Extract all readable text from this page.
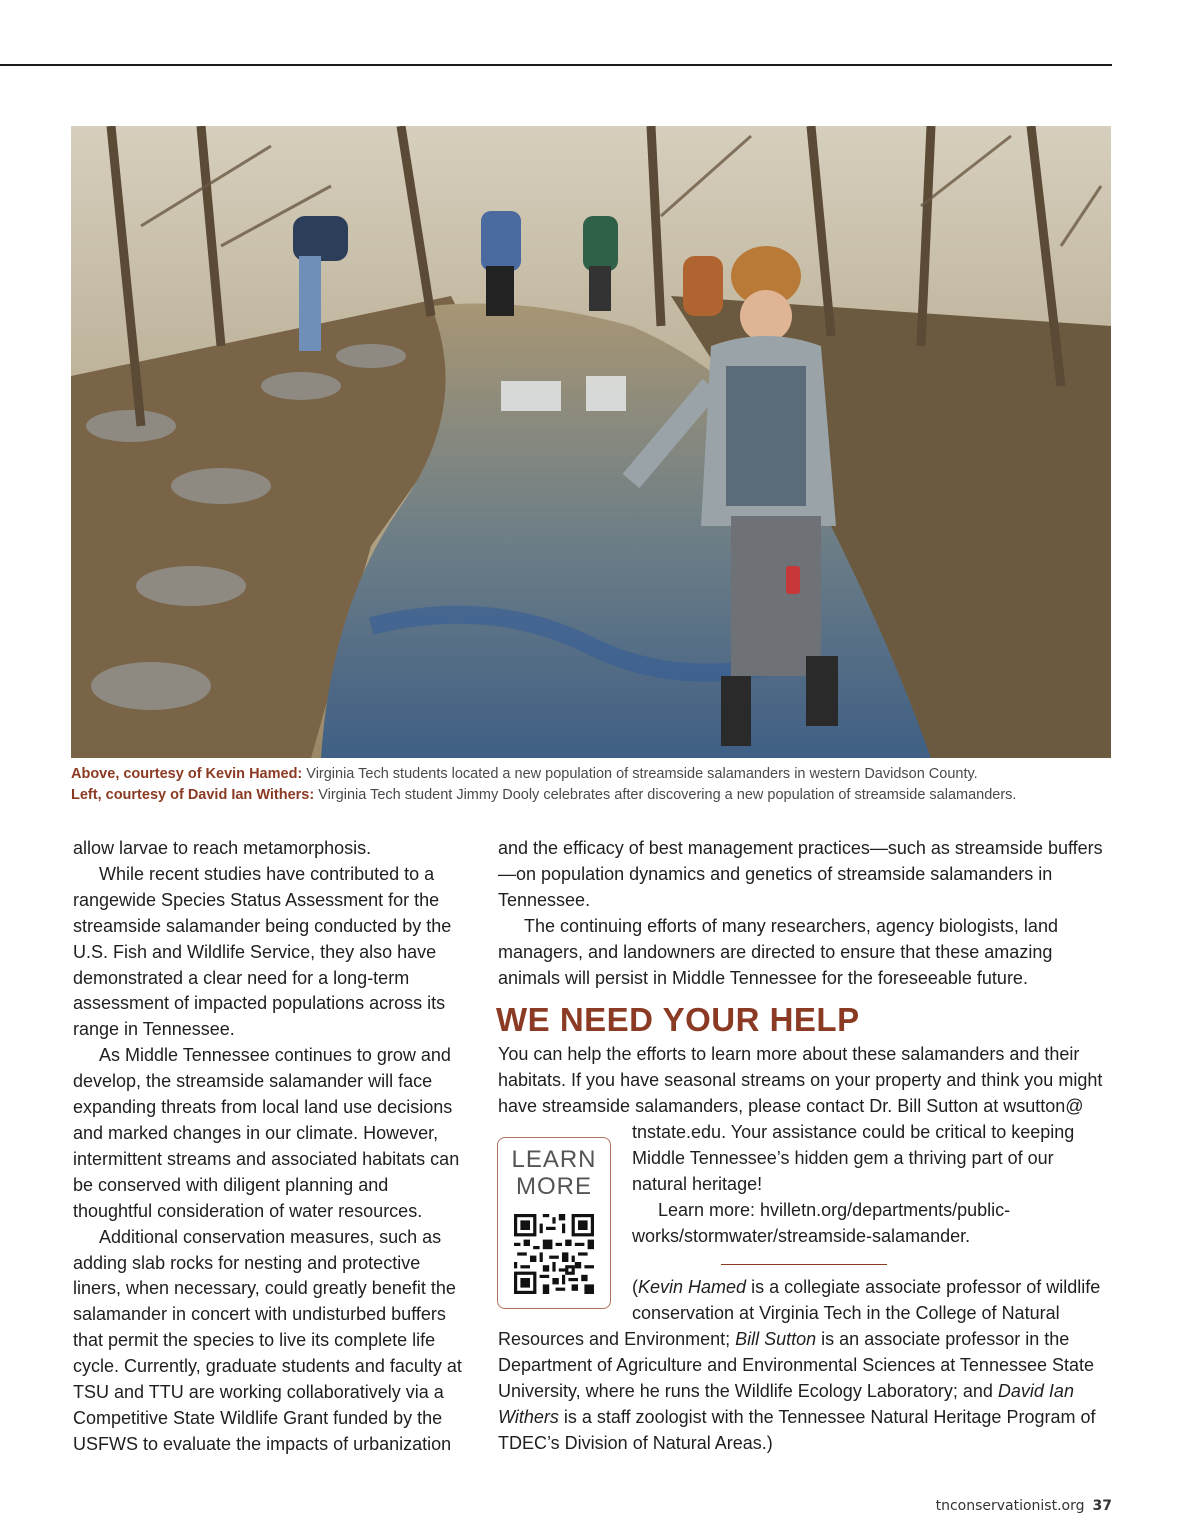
Above, courtesy of Kevin Hamed: Virginia Tech students located a new population of streamside salamanders in western Davidson County.
Left, courtesy of David Ian Withers: Virginia Tech student Jimmy Dooly celebrates after discovering a new population of streamside salamanders.

allow larvae to reach metamorphosis.

While recent studies have contributed to a rangewide Species Status Assessment for the streamside salamander being conducted by the U.S. Fish and Wildlife Service, they also have demonstrated a clear need for a long-term assessment of impacted populations across its range in Tennessee.

As Middle Tennessee continues to grow and develop, the streamside salamander will face expanding threats from local land use decisions and marked changes in our climate. However, intermittent streams and associated habitats can be conserved with diligent planning and thoughtful consideration of water resources.

Additional conservation measures, such as adding slab rocks for nesting and protective liners, when necessary, could greatly benefit the salamander in concert with undisturbed buffers that permit the species to live its complete life cycle. Currently, graduate students and faculty at TSU and TTU are working collaboratively via a Competitive State Wildlife Grant funded by the USFWS to evaluate the impacts of urbanization

and the efficacy of best management practices—such as streamside buffers—on population dynamics and genetics of streamside salamanders in Tennessee.

The continuing efforts of many researchers, agency biologists, land managers, and landowners are directed to ensure that these amazing animals will persist in Middle Tennessee for the foreseeable future.

WE NEED YOUR HELP

You can help the efforts to learn more about these salamanders and their habitats. If you have seasonal streams on your property and think you might have streamside salamanders, please contact Dr. Bill Sutton at wsutton@

LEARN
MORE

tnstate.edu. Your assistance could be critical to keeping Middle Tennessee’s hidden gem a thriving part of our natural heritage!

Learn more: hvilletn.org/departments/public-works/stormwater/streamside-salamander.

(Kevin Hamed is a collegiate associate professor of wildlife conservation at Virginia Tech in the College of Natural

Resources and Environment; Bill Sutton is an associate professor in the Department of Agriculture and Environmental Sciences at Tennessee State University, where he runs the Wildlife Ecology Laboratory; and David Ian Withers is a staff zoologist with the Tennessee Natural Heritage Program of TDEC’s Division of Natural Areas.)

tnconservationist.org 37
